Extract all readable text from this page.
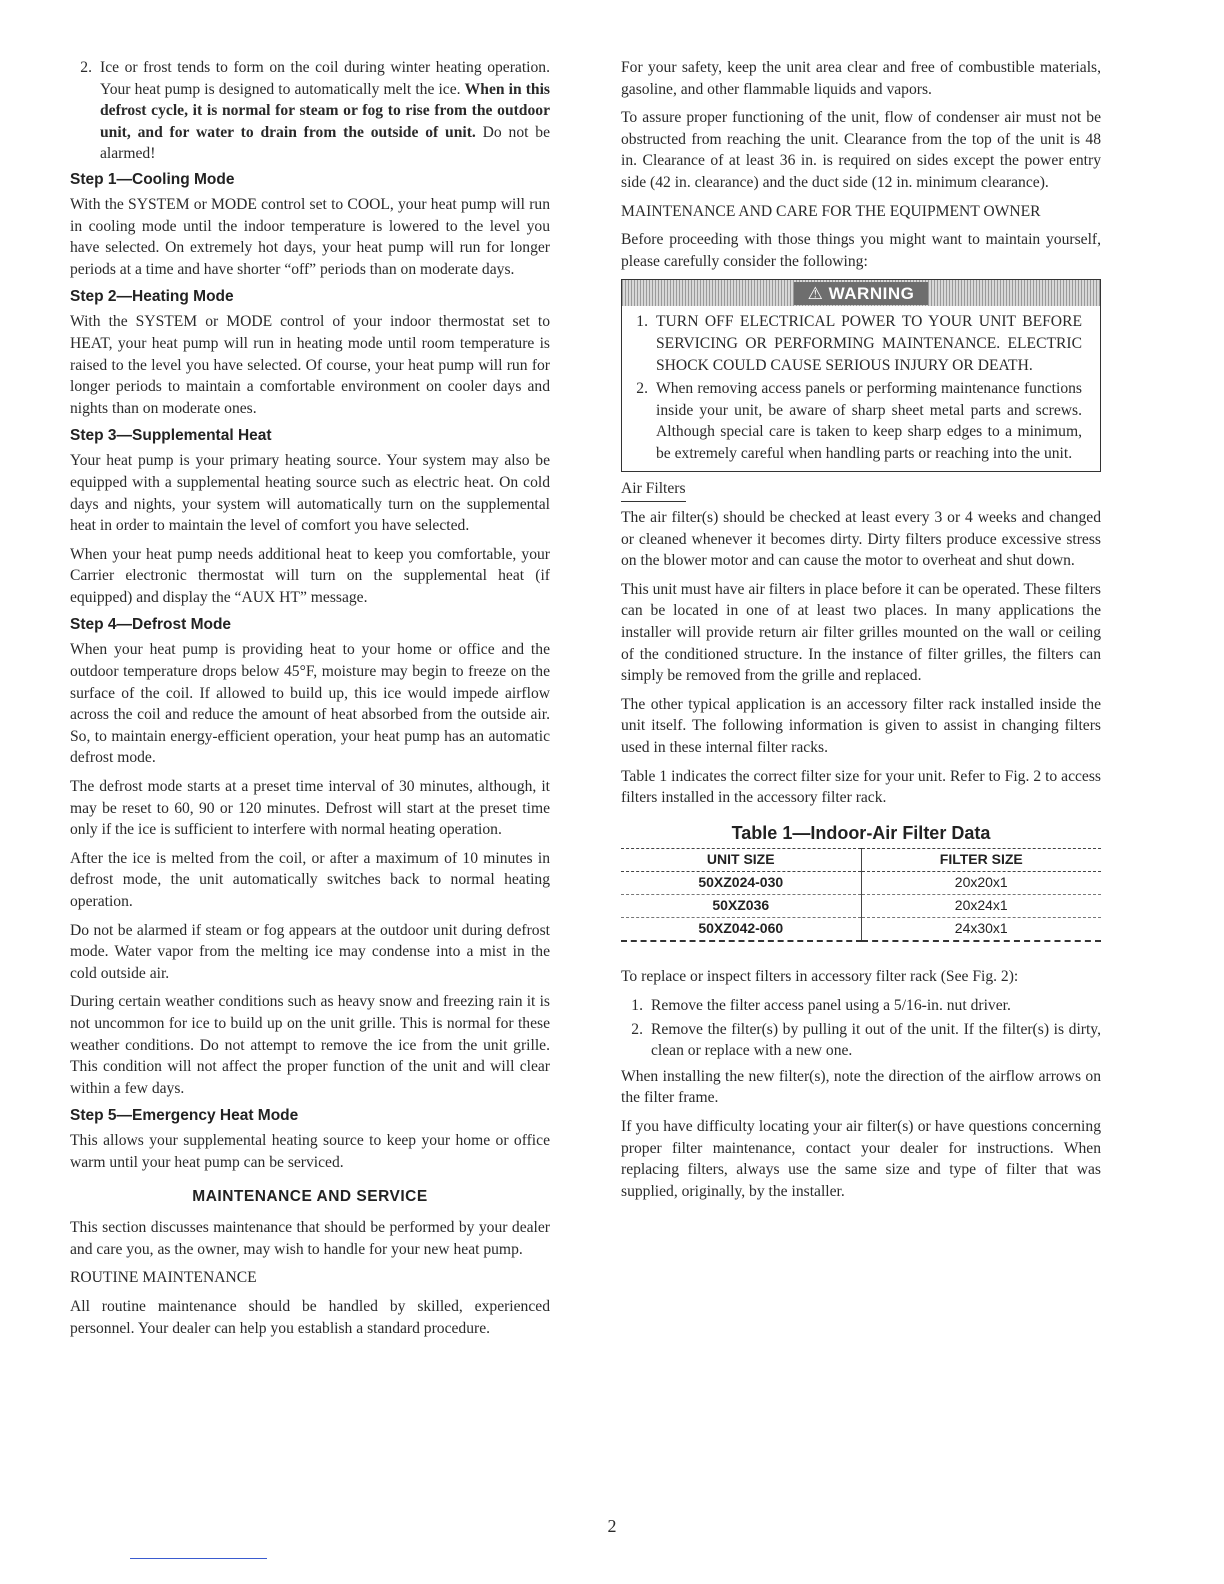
2. Ice or frost tends to form on the coil during winter heating operation. Your heat pump is designed to automatically melt the ice. When in this defrost cycle, it is normal for steam or fog to rise from the outdoor unit, and for water to drain from the outside of unit. Do not be alarmed!
Step 1—Cooling Mode

With the SYSTEM or MODE control set to COOL, your heat pump will run in cooling mode until the indoor temperature is lowered to the level you have selected. On extremely hot days, your heat pump will run for longer periods at a time and have shorter “off” periods than on moderate days.

Step 2—Heating Mode

With the SYSTEM or MODE control of your indoor thermostat set to HEAT, your heat pump will run in heating mode until room temperature is raised to the level you have selected. Of course, your heat pump will run for longer periods to maintain a comfortable environment on cooler days and nights than on moderate ones.

Step 3—Supplemental Heat

Your heat pump is your primary heating source. Your system may also be equipped with a supplemental heating source such as electric heat. On cold days and nights, your system will automatically turn on the supplemental heat in order to maintain the level of comfort you have selected.

When your heat pump needs additional heat to keep you comfortable, your Carrier electronic thermostat will turn on the supplemental heat (if equipped) and display the “AUX HT” message.

Step 4—Defrost Mode

When your heat pump is providing heat to your home or office and the outdoor temperature drops below 45°F, moisture may begin to freeze on the surface of the coil. If allowed to build up, this ice would impede airflow across the coil and reduce the amount of heat absorbed from the outside air. So, to maintain energy-efficient operation, your heat pump has an automatic defrost mode.

The defrost mode starts at a preset time interval of 30 minutes, although, it may be reset to 60, 90 or 120 minutes. Defrost will start at the preset time only if the ice is sufficient to interfere with normal heating operation.

After the ice is melted from the coil, or after a maximum of 10 minutes in defrost mode, the unit automatically switches back to normal heating operation.

Do not be alarmed if steam or fog appears at the outdoor unit during defrost mode. Water vapor from the melting ice may condense into a mist in the cold outside air.

During certain weather conditions such as heavy snow and freezing rain it is not uncommon for ice to build up on the unit grille. This is normal for these weather conditions. Do not attempt to remove the ice from the unit grille. This condition will not affect the proper function of the unit and will clear within a few days.

Step 5—Emergency Heat Mode

This allows your supplemental heating source to keep your home or office warm until your heat pump can be serviced.

MAINTENANCE AND SERVICE

This section discusses maintenance that should be performed by your dealer and care you, as the owner, may wish to handle for your new heat pump.

ROUTINE MAINTENANCE

All routine maintenance should be handled by skilled, experienced personnel. Your dealer can help you establish a standard procedure.

For your safety, keep the unit area clear and free of combustible materials, gasoline, and other flammable liquids and vapors.

To assure proper functioning of the unit, flow of condenser air must not be obstructed from reaching the unit. Clearance from the top of the unit is 48 in. Clearance of at least 36 in. is required on sides except the power entry side (42 in. clearance) and the duct side (12 in. minimum clearance).

MAINTENANCE AND CARE FOR THE EQUIPMENT OWNER

Before proceeding with those things you might want to maintain yourself, please carefully consider the following:

⚠ WARNING
1. TURN OFF ELECTRICAL POWER TO YOUR UNIT BEFORE SERVICING OR PERFORMING MAINTENANCE. ELECTRIC SHOCK COULD CAUSE SERIOUS INJURY OR DEATH.
2. When removing access panels or performing maintenance functions inside your unit, be aware of sharp sheet metal parts and screws. Although special care is taken to keep sharp edges to a minimum, be extremely careful when handling parts or reaching into the unit.
Air Filters

The air filter(s) should be checked at least every 3 or 4 weeks and changed or cleaned whenever it becomes dirty. Dirty filters produce excessive stress on the blower motor and can cause the motor to overheat and shut down.

This unit must have air filters in place before it can be operated. These filters can be located in one of at least two places. In many applications the installer will provide return air filter grilles mounted on the wall or ceiling of the conditioned structure. In the instance of filter grilles, the filters can simply be removed from the grille and replaced.

The other typical application is an accessory filter rack installed inside the unit itself. The following information is given to assist in changing filters used in these internal filter racks.

Table 1 indicates the correct filter size for your unit. Refer to Fig. 2 to access filters installed in the accessory filter rack.

Table 1—Indoor-Air Filter Data
UNIT SIZE	FILTER SIZE
50XZ024-030	20x20x1
50XZ036	20x24x1
50XZ042-060	24x30x1

To replace or inspect filters in accessory filter rack (See Fig. 2):

1. Remove the filter access panel using a 5/16-in. nut driver.
2. Remove the filter(s) by pulling it out of the unit. If the filter(s) is dirty, clean or replace with a new one.

When installing the new filter(s), note the direction of the airflow arrows on the filter frame.

If you have difficulty locating your air filter(s) or have questions concerning proper filter maintenance, contact your dealer for instructions. When replacing filters, always use the same size and type of filter that was supplied, originally, by the installer.

2
